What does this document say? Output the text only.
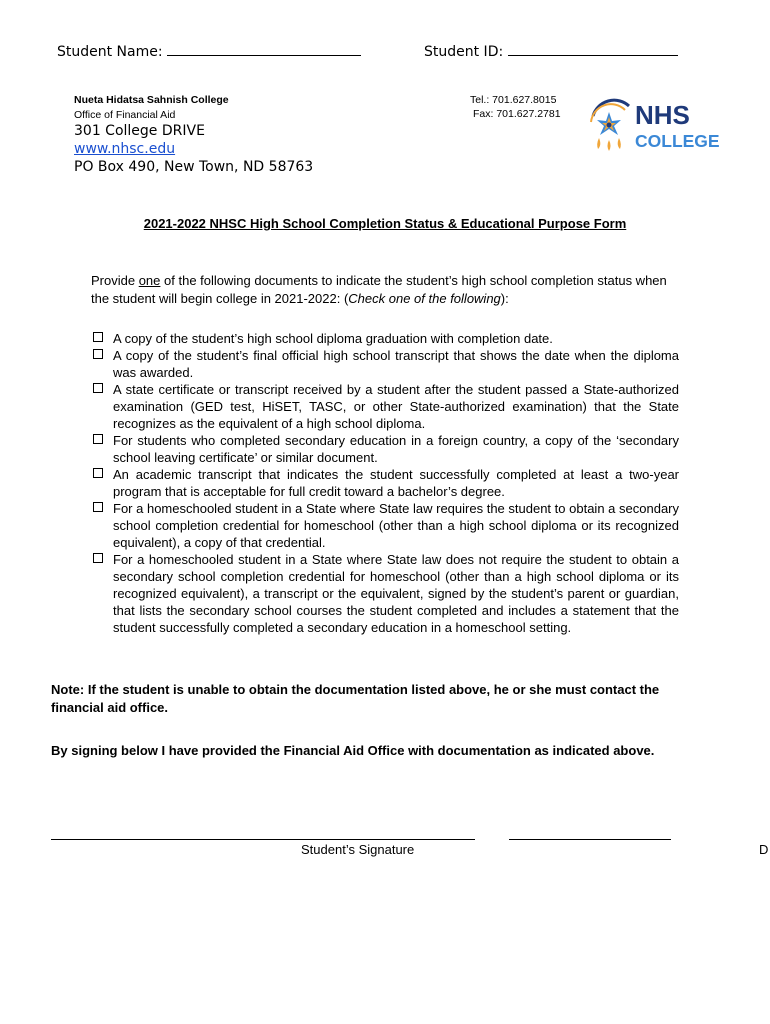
Student Name:	Student ID:
Nueta Hidatsa Sahnish College
Office of Financial Aid
301 College DRIVE
www.nhsc.edu
PO Box 490, New Town, ND 58763
Tel.: 701.627.8015
Fax: 701.627.2781	NHS
COLLEGE
2021-2022 NHSC High School Completion Status & Educational Purpose Form
Provide one of the following documents to indicate the student’s high school completion status when the student will begin college in 2021-2022: (Check one of the following):
A copy of the student’s high school diploma graduation with completion date.
A copy of the student’s final official high school transcript that shows the date when the diploma was awarded.
A state certificate or transcript received by a student after the student passed a State-authorized examination (GED test, HiSET, TASC, or other State-authorized examination) that the State recognizes as the equivalent of a high school diploma.
For students who completed secondary education in a foreign country, a copy of the ‘secondary school leaving certificate’ or similar document.
An academic transcript that indicates the student successfully completed at least a two-year program that is acceptable for full credit toward a bachelor’s degree.
For a homeschooled student in a State where State law requires the student to obtain a secondary school completion credential for homeschool (other than a high school diploma or its recognized equivalent), a copy of that credential.
For a homeschooled student in a State where State law does not require the student to obtain a secondary school completion credential for homeschool (other than a high school diploma or its recognized equivalent), a transcript or the equivalent, signed by the student’s parent or guardian, that lists the secondary school courses the student completed and includes a statement that the student successfully completed a secondary education in a homeschool setting.
Note: If the student is unable to obtain the documentation listed above, he or she must contact the financial aid office.
By signing below I have provided the Financial Aid Office with documentation as indicated above.
Student’s Signature	D
